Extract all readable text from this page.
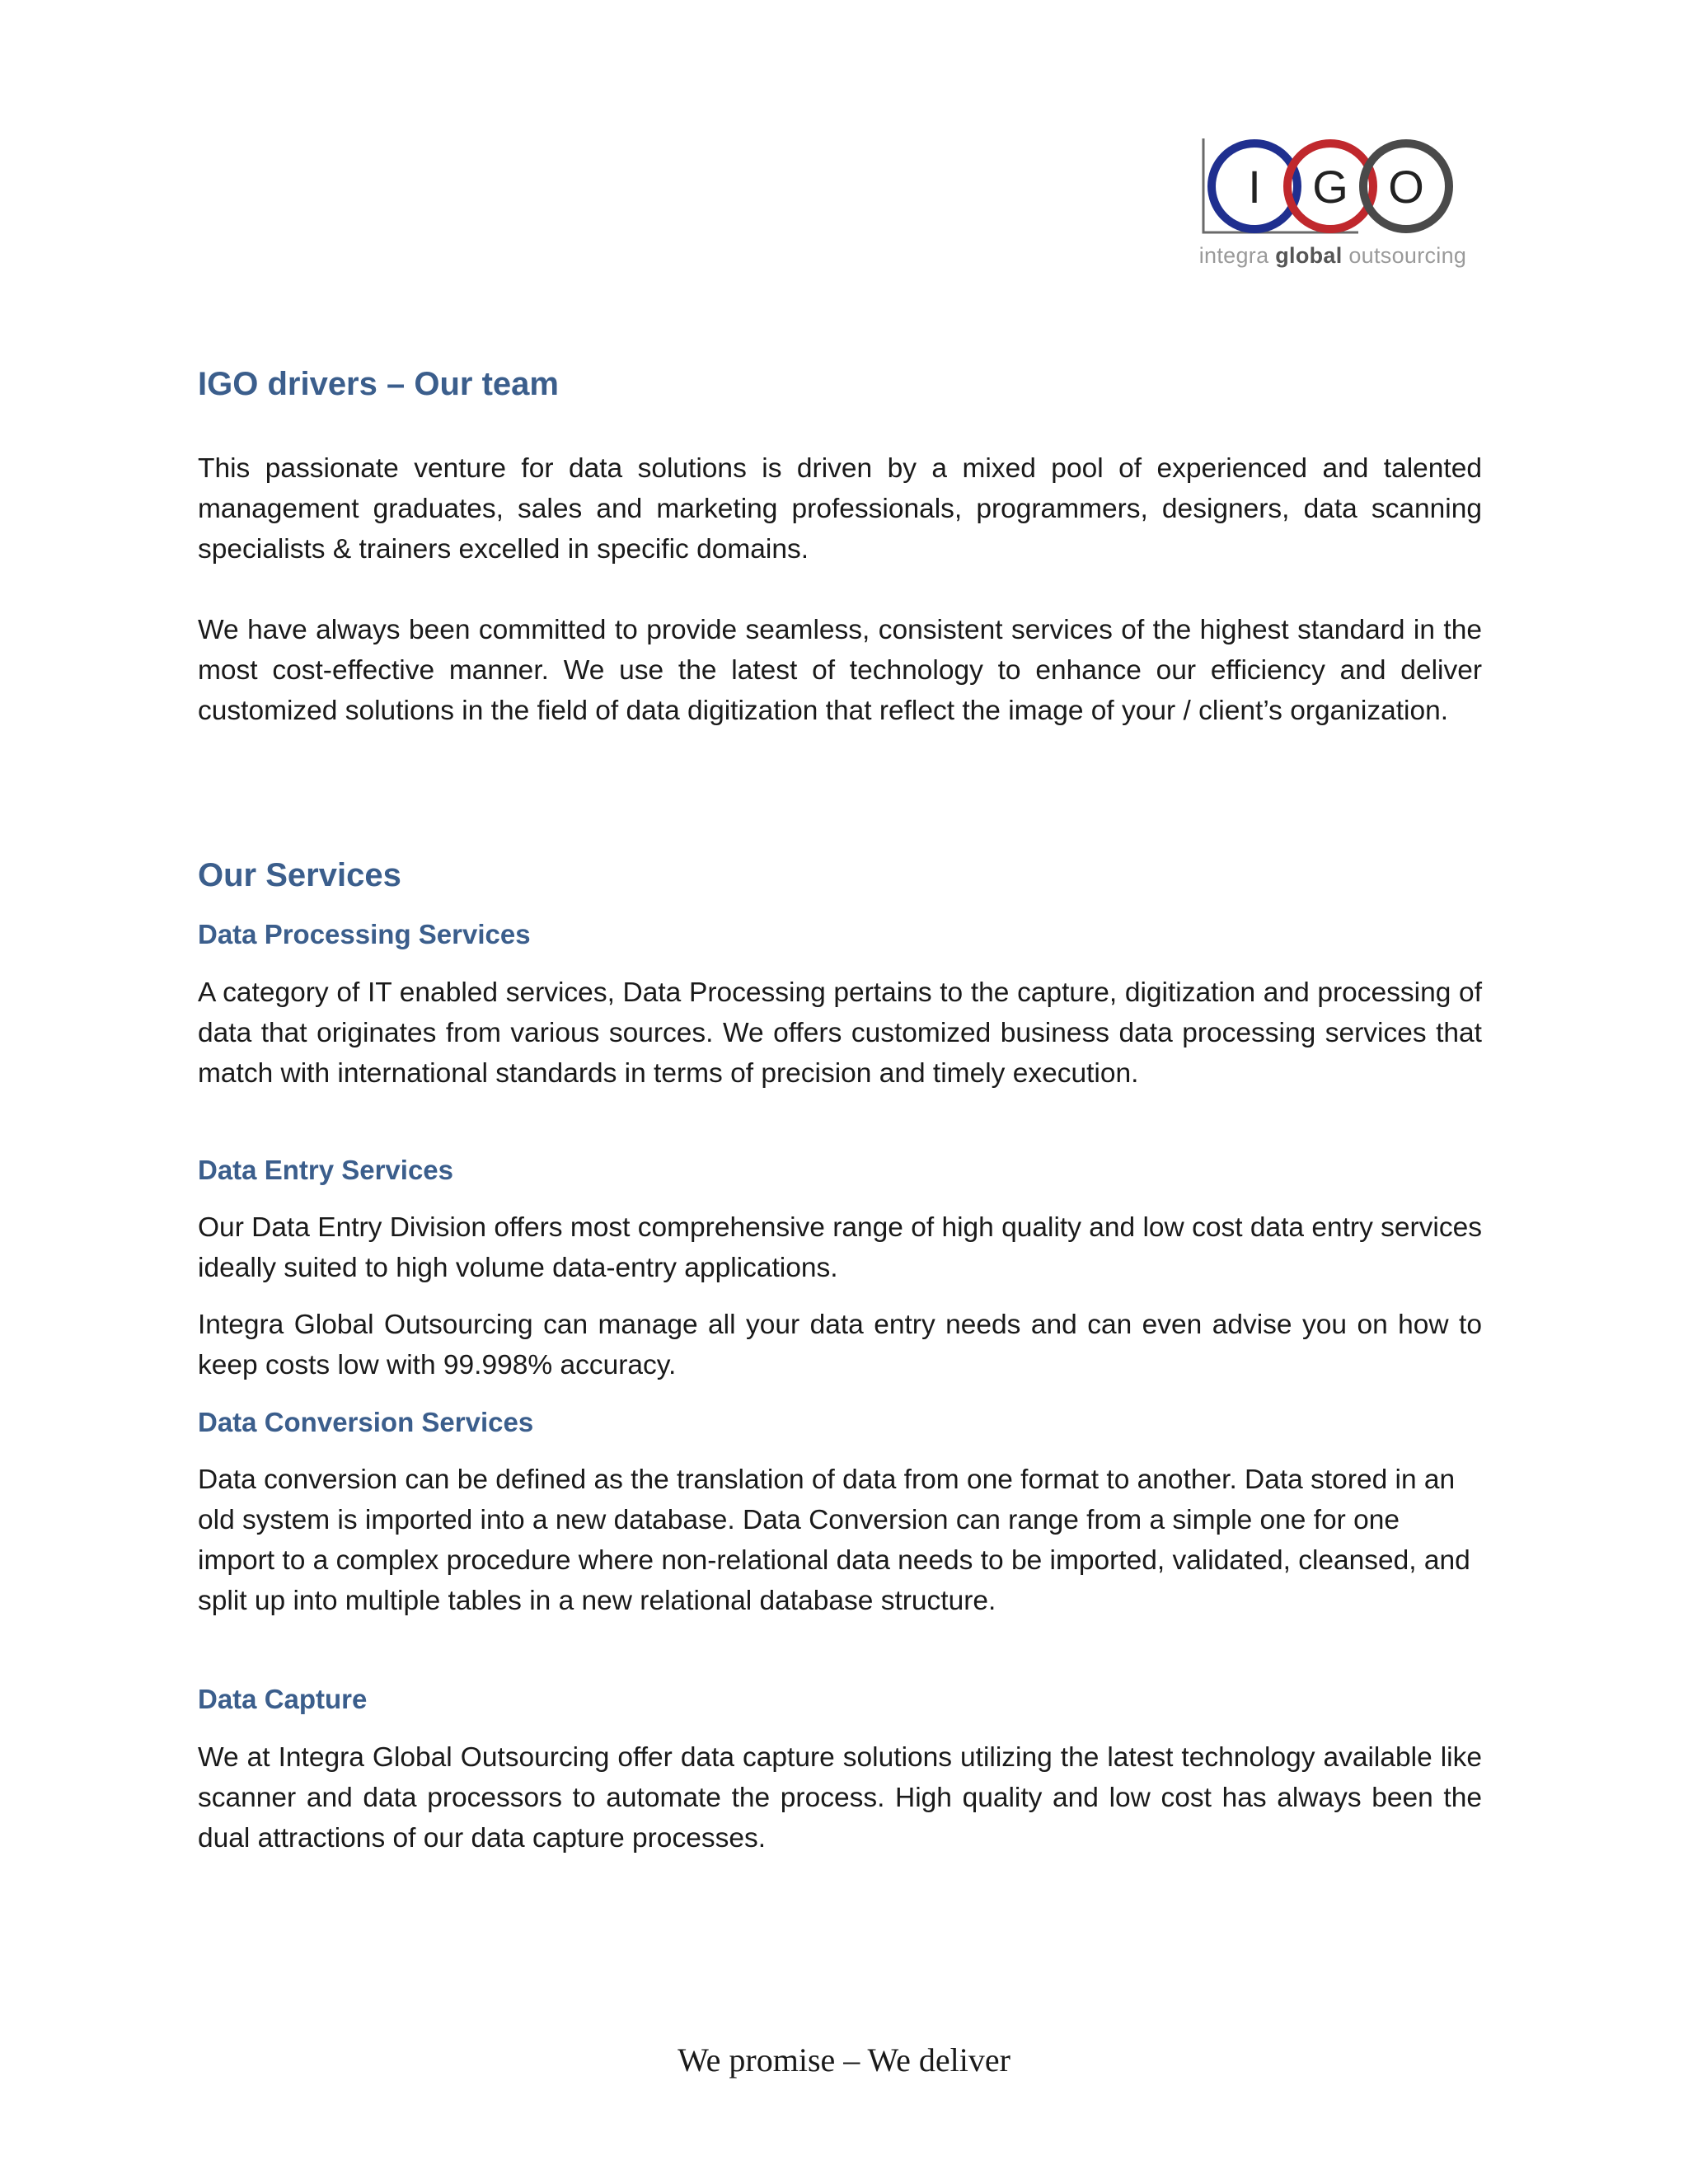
I G O
integra global outsourcing
IGO drivers – Our team

This passionate venture for data solutions is driven by a mixed pool of experienced and talented management graduates, sales and marketing professionals, programmers, designers, data scanning specialists & trainers excelled in specific domains.

We have always been committed to provide seamless, consistent services of the highest standard in the most cost-effective manner. We use the latest of technology to enhance our efficiency and deliver customized solutions in the field of data digitization that reflect the image of your / client’s organization.

Our Services
Data Processing Services

A category of IT enabled services, Data Processing pertains to the capture, digitization and processing of data that originates from various sources. We offers customized business data processing services that match with international standards in terms of precision and timely execution.

Data Entry Services

Our Data Entry Division offers most comprehensive range of high quality and low cost data entry services ideally suited to high volume data-entry applications.

Integra Global Outsourcing can manage all your data entry needs and can even advise you on how to keep costs low with 99.998% accuracy.

Data Conversion Services

Data conversion can be defined as the translation of data from one format to another. Data stored in an old system is imported into a new database. Data Conversion can range from a simple one for one import to a complex procedure where non-relational data needs to be imported, validated, cleansed, and split up into multiple tables in a new relational database structure.

Data Capture

We at Integra Global Outsourcing offer data capture solutions utilizing the latest technology available like scanner and data processors to automate the process. High quality and low cost has always been the dual attractions of our data capture processes.

We promise – We deliver
